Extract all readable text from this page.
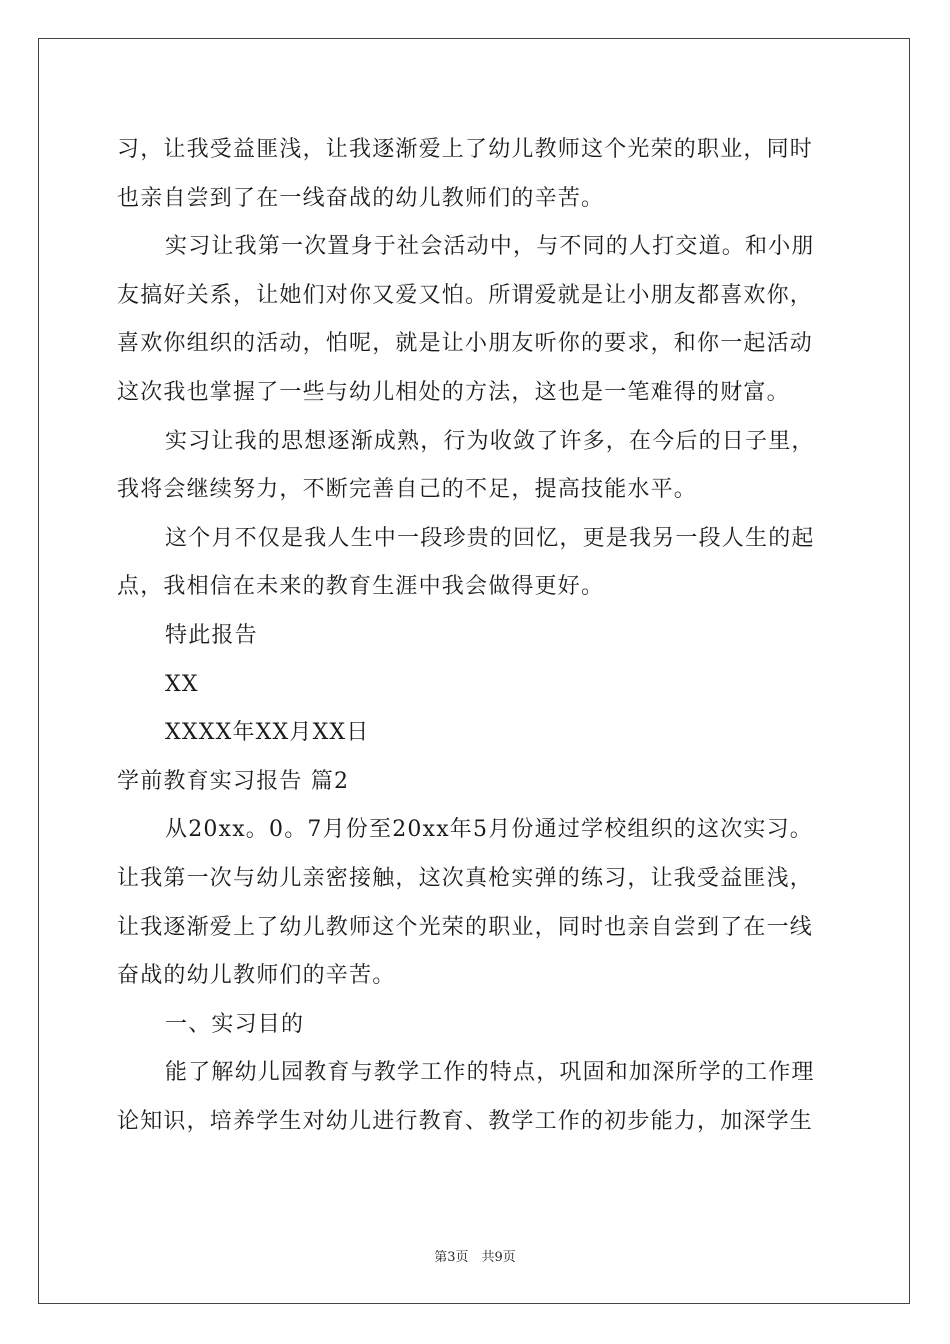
习，让我受益匪浅，让我逐渐爱上了幼儿教师这个光荣的职业，同时
也亲自尝到了在一线奋战的幼儿教师们的辛苦。
实习让我第一次置身于社会活动中，与不同的人打交道。和小朋
友搞好关系，让她们对你又爱又怕。所谓爱就是让小朋友都喜欢你，
喜欢你组织的活动，怕呢，就是让小朋友听你的要求，和你一起活动
这次我也掌握了一些与幼儿相处的方法，这也是一笔难得的财富。
实习让我的思想逐渐成熟，行为收敛了许多，在今后的日子里，
我将会继续努力，不断完善自己的不足，提高技能水平。
这个月不仅是我人生中一段珍贵的回忆，更是我另一段人生的起
点，我相信在未来的教育生涯中我会做得更好。
特此报告
XX
XXXX年XX月XX日
学前教育实习报告 篇2
从20xx。0。7月份至20xx年5月份通过学校组织的这次实习。
让我第一次与幼儿亲密接触，这次真枪实弹的练习，让我受益匪浅，
让我逐渐爱上了幼儿教师这个光荣的职业，同时也亲自尝到了在一线
奋战的幼儿教师们的辛苦。
一、实习目的
能了解幼儿园教育与教学工作的特点，巩固和加深所学的工作理
论知识，培养学生对幼儿进行教育、教学工作的初步能力，加深学生
第3页　共9页
